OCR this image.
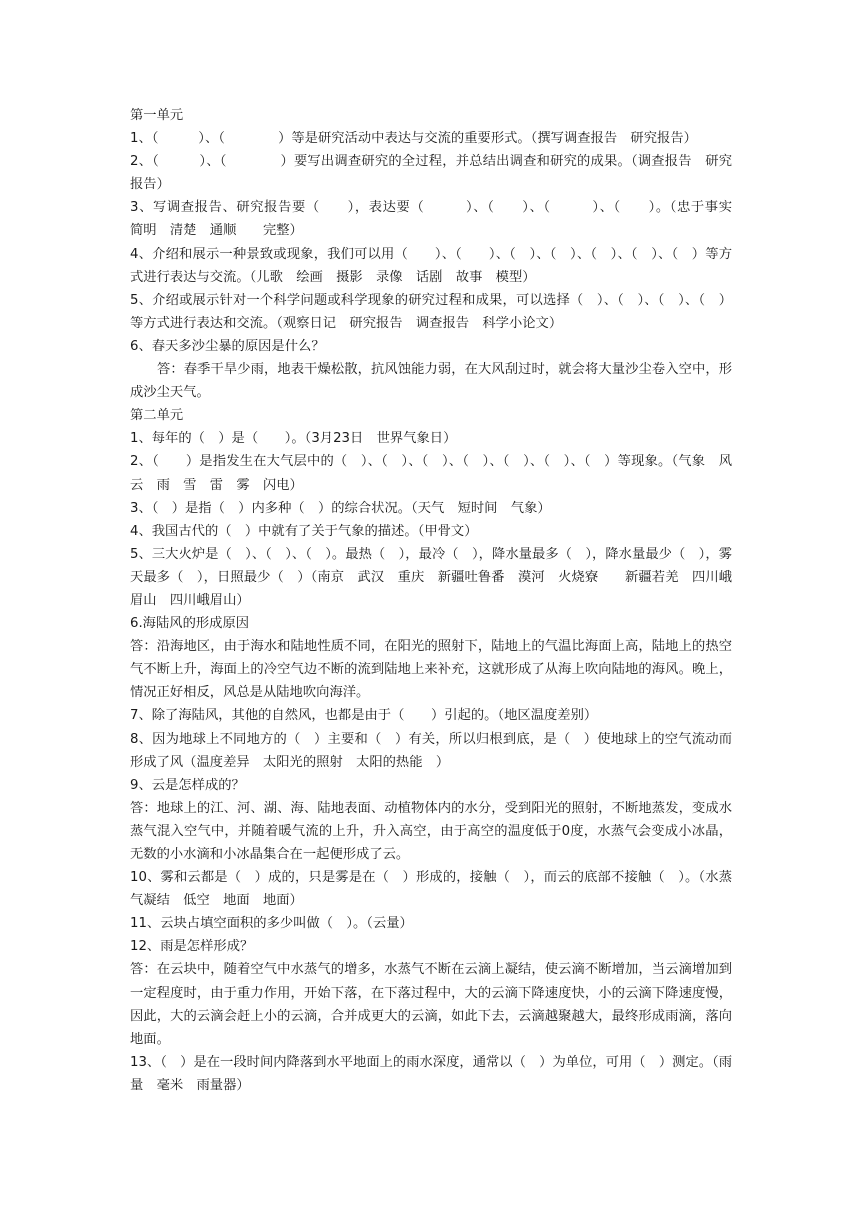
第一单元

1、（　　　）、（　　　　）等是研究活动中表达与交流的重要形式。（撰写调查报告　研究报告）

2、（　　　）、（　　　　）要写出调查研究的全过程，并总结出调查和研究的成果。（调查报告　研究报告）

3、写调查报告、研究报告要（　　），表达要（　　　）、（　　）、（　　　）、（　　）。（忠于事实　　简明　清楚　通顺　　完整）

4、介绍和展示一种景致或现象，我们可以用（　　）、（　　）、（　）、（　）、（　）、（　）、（　）等方式进行表达与交流。（儿歌　绘画　摄影　录像　话剧　故事　模型）

5、介绍或展示针对一个科学问题或科学现象的研究过程和成果，可以选择（　）、（　）、（　）、（　）等方式进行表达和交流。（观察日记　研究报告　调查报告　科学小论文）

6、春天多沙尘暴的原因是什么？

答：春季干旱少雨，地表干燥松散，抗风蚀能力弱，在大风刮过时，就会将大量沙尘卷入空中，形成沙尘天气。

第二单元

1、每年的（　）是（　　）。（3月23日　世界气象日）

2、（　　）是指发生在大气层中的（　）、（　）、（　）、（　）、（　）、（　）、（　）等现象。（气象　风　云　雨　雪　雷　雾　闪电）

3、（　）是指（　）内多种（　）的综合状况。（天气　短时间　气象）

4、我国古代的（　）中就有了关于气象的描述。（甲骨文）

5、三大火炉是（　）、（　）、（　）。最热（　），最冷（　），降水量最多（　），降水量最少（　），雾天最多（　），日照最少（　）（南京　武汉　重庆　新疆吐鲁番　漠河　火烧寮　　新疆若羌　四川峨眉山　四川峨眉山）

6.海陆风的形成原因

答：沿海地区，由于海水和陆地性质不同，在阳光的照射下，陆地上的气温比海面上高，陆地上的热空气不断上升，海面上的冷空气边不断的流到陆地上来补充，这就形成了从海上吹向陆地的海风。晚上，情况正好相反，风总是从陆地吹向海洋。

7、除了海陆风，其他的自然风，也都是由于（　　）引起的。（地区温度差别）

8、因为地球上不同地方的（　）主要和（　）有关，所以归根到底，是（　）使地球上的空气流动而形成了风（温度差异　太阳光的照射　太阳的热能　）

9、云是怎样成的？

答：地球上的江、河、湖、海、陆地表面、动植物体内的水分，受到阳光的照射，不断地蒸发，变成水蒸气混入空气中，并随着暖气流的上升，升入高空，由于高空的温度低于0度，水蒸气会变成小冰晶，无数的小水滴和小冰晶集合在一起便形成了云。

10、雾和云都是（　）成的，只是雾是在（　）形成的，接触（　），而云的底部不接触（　）。（水蒸气凝结　低空　地面　地面）

11、云块占填空面积的多少叫做（　）。（云量）

12、雨是怎样形成？

答：在云块中，随着空气中水蒸气的增多，水蒸气不断在云滴上凝结，使云滴不断增加，当云滴增加到一定程度时，由于重力作用，开始下落，在下落过程中，大的云滴下降速度快，小的云滴下降速度慢，因此，大的云滴会赶上小的云滴，合并成更大的云滴，如此下去，云滴越聚越大，最终形成雨滴，落向地面。

13、（　）是在一段时间内降落到水平地面上的雨水深度，通常以（　）为单位，可用（　）测定。（雨量　毫米　雨量器）
